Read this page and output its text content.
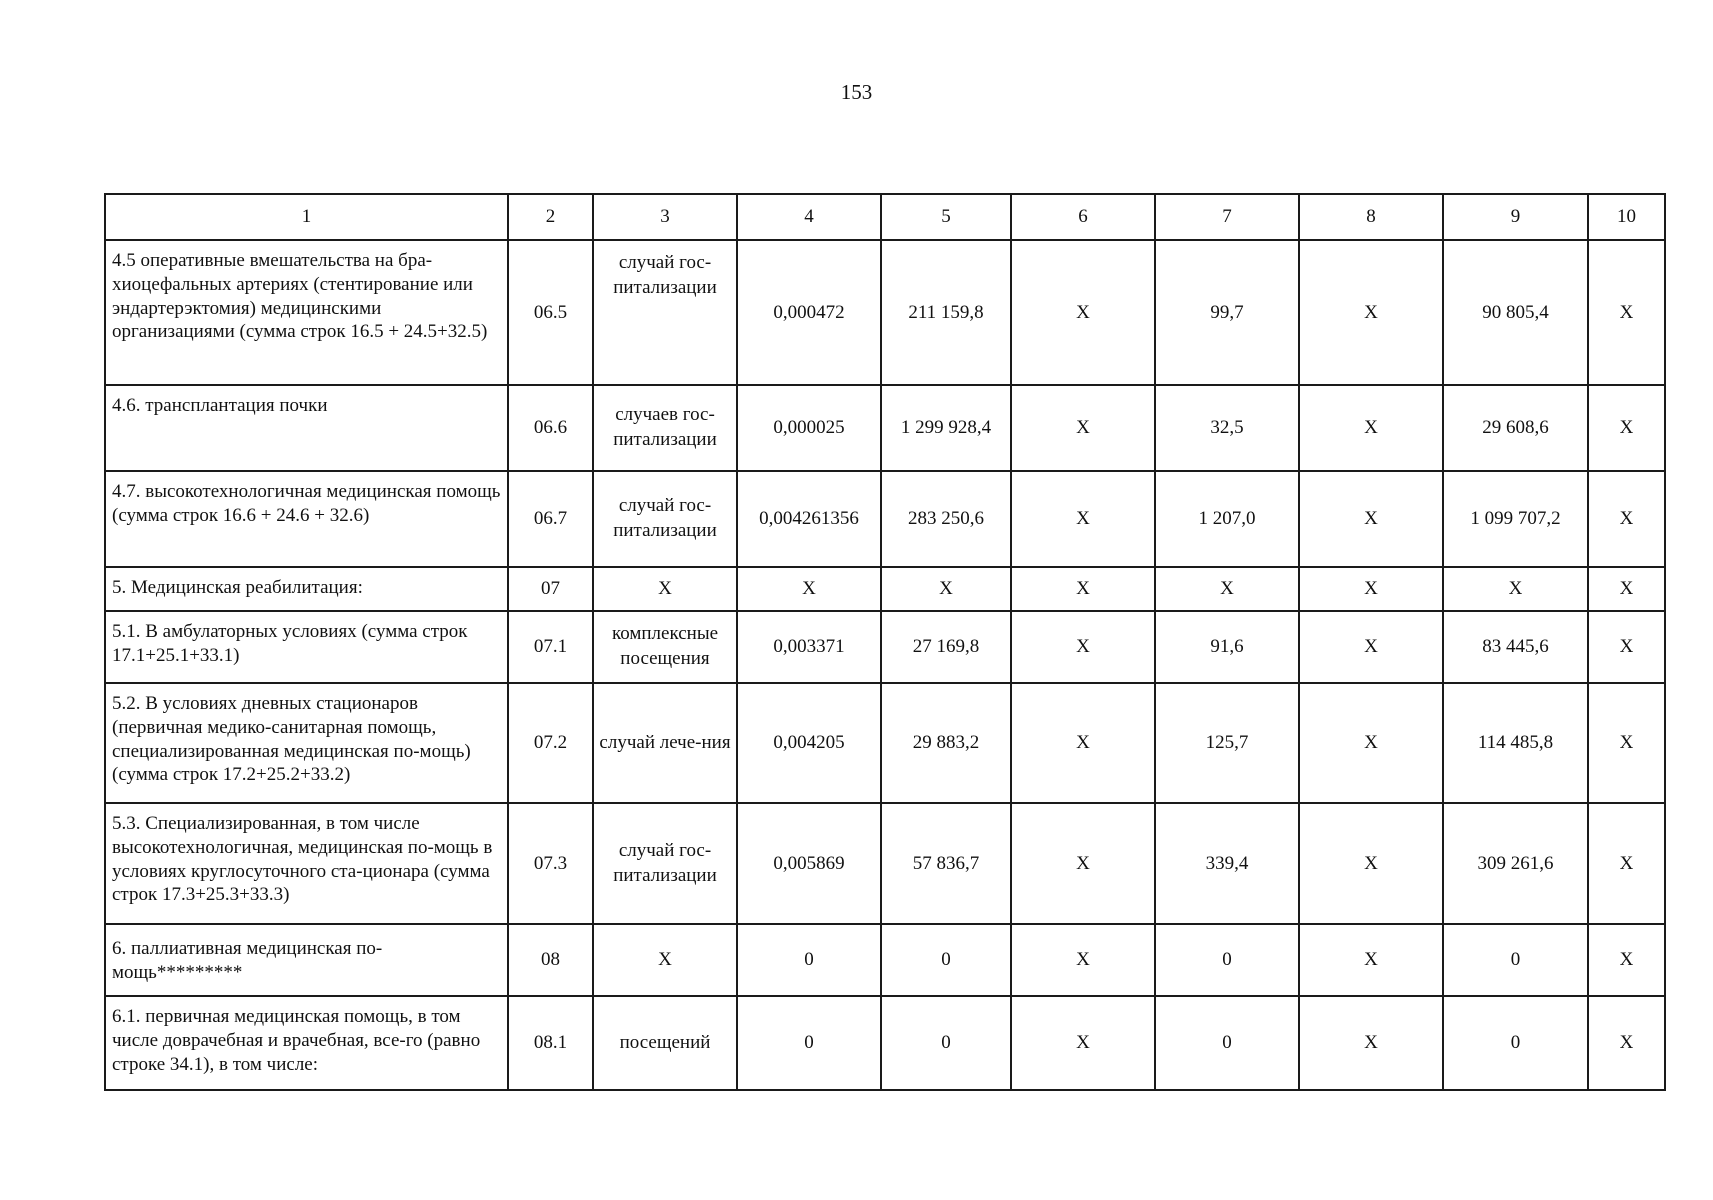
153
1	2	3	4	5	6	7	8	9	10
4.5 оперативные вмешательства на бра-хиоцефальных артериях (стентирование или эндартерэктомия) медицинскими организациями (сумма строк 16.5 + 24.5+32.5)	06.5	случай гос-питализации	0,000472	211 159,8	X	99,7	X	90 805,4	X
4.6. трансплантация почки	06.6	случаев гос-питализации	0,000025	1 299 928,4	X	32,5	X	29 608,6	X
4.7. высокотехнологичная медицинская помощь (сумма строк 16.6 + 24.6 + 32.6)	06.7	случай гос-питализации	0,004261356	283 250,6	X	1 207,0	X	1 099 707,2	X
5. Медицинская реабилитация:	07	X	X	X	X	X	X	X	X
5.1. В амбулаторных условиях (сумма строк 17.1+25.1+33.1)	07.1	комплексные посещения	0,003371	27 169,8	X	91,6	X	83 445,6	X
5.2. В условиях дневных стационаров (первичная медико-санитарная помощь, специализированная медицинская по-мощь) (сумма строк 17.2+25.2+33.2)	07.2	случай лече-ния	0,004205	29 883,2	X	125,7	X	114 485,8	X
5.3. Специализированная, в том числе высокотехнологичная, медицинская по-мощь в условиях круглосуточного ста-ционара (сумма строк 17.3+25.3+33.3)	07.3	случай гос-питализации	0,005869	57 836,7	X	339,4	X	309 261,6	X
6. паллиативная медицинская по-мощь*********	08	X	0	0	X	0	X	0	X
6.1. первичная медицинская помощь, в том числе доврачебная и врачебная, все-го (равно строке 34.1), в том числе:	08.1	посещений	0	0	X	0	X	0	X
